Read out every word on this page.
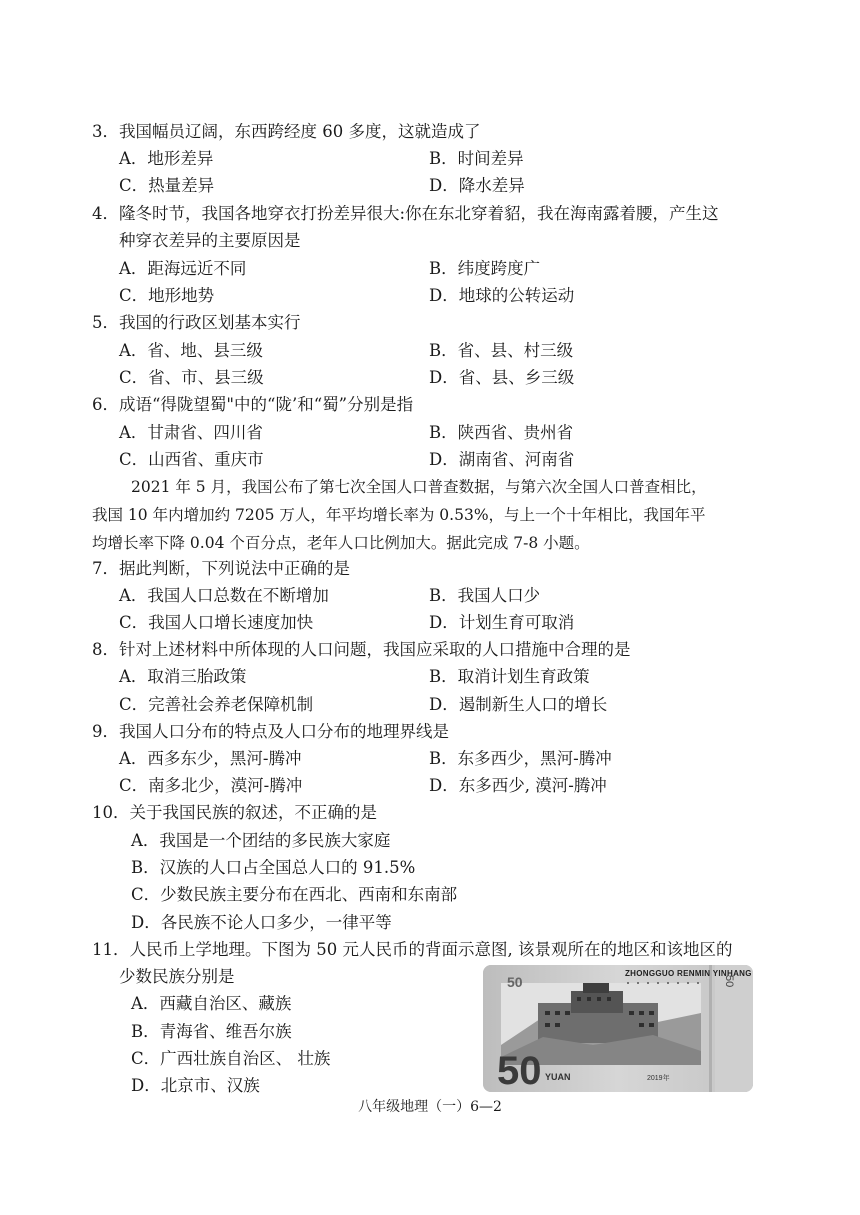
3．我国幅员辽阔，东西跨经度 60 多度，这就造成了
A．地形差异	B．时间差异
C．热量差异	D．降水差异
4．隆冬时节，我国各地穿衣打扮差异很大:你在东北穿着貂，我在海南露着腰，产生这
种穿衣差异的主要原因是
A．距海远近不同	B．纬度跨度广
C．地形地势	D．地球的公转运动
5．我国的行政区划基本实行
A．省、地、县三级	B．省、县、村三级
C．省、市、县三级	D．省、县、乡三级
6．成语“得陇望蜀"中的“陇’和“蜀”分别是指
A．甘肃省、四川省	B．陕西省、贵州省
C．山西省、重庆市	D．湖南省、河南省
2021 年 5 月，我国公布了第七次全国人口普查数据，与第六次全国人口普查相比，
我国 10 年内增加约 7205 万人，年平均增长率为 0.53%，与上一个十年相比，我国年平
均增长率下降 0.04 个百分点，老年人口比例加大。据此完成 7-8 小题。
7．据此判断，下列说法中正确的是
A．我国人口总数在不断增加	B．我国人口少
C．我国人口增长速度加快	D．计划生育可取消
8．针对上述材料中所体现的人口问题，我国应采取的人口措施中合理的是
A．取消三胎政策	B．取消计划生育政策
C．完善社会养老保障机制	D．遏制新生人口的增长
9．我国人口分布的特点及人口分布的地理界线是
A．西多东少，黑河-腾冲	B．东多西少，黑河-腾冲
C．南多北少，漠河-腾冲	D．东多西少, 漠河-腾冲
10．关于我国民族的叙述，不正确的是
A．我国是一个团结的多民族大家庭
B．汉族的人口占全国总人口的 91.5%
C．少数民族主要分布在西北、西南和东南部
D．各民族不论人口多少，一律平等
11．人民币上学地理。下图为 50 元人民币的背面示意图, 该景观所在的地区和该地区的
少数民族分别是
A．西藏自治区、藏族
B．青海省、维吾尔族
C．广西壮族自治区、 壮族
D．北京市、汉族
ZHONGGUO RENMIN YINHANG
50
50 YUAN	2019年
50
八年级地理（一）6—2
